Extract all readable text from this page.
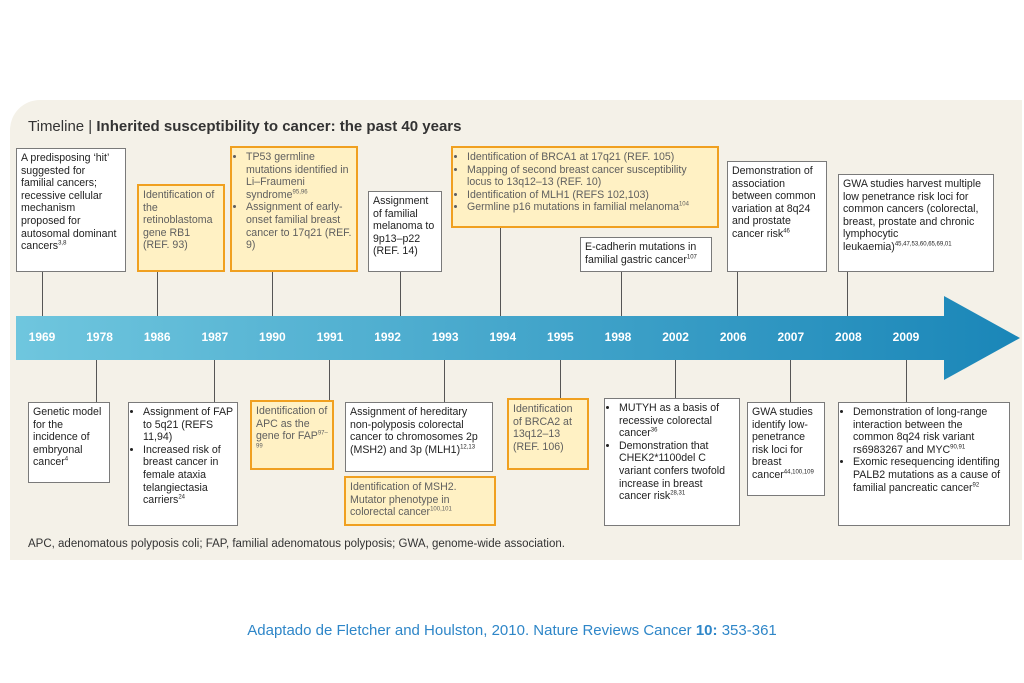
Timeline | Inherited susceptibility to cancer: the past 40 years
1969	1978	1986	1987	1990	1991	1992	1993	1994	1995	1998	2002	2006	2007	2008	2009

A predisposing ‘hit’ suggested for familial cancers; recessive cellular mechanism proposed for autosomal dominant cancers$^{3,8}$

Identification of the retinoblastoma gene RB1 (REF. 93)

• TP53 germline mutations identified in Li–Fraumeni syndrome$^{95,96}$
• Assignment of early-onset familial breast cancer to 17q21 (REF. 9)

Assignment of familial melanoma to 9p13–p22 (REF. 14)

• Identification of BRCA1 at 17q21 (REF. 105)
• Mapping of second breast cancer susceptibility locus to 13q12–13 (REF. 10)
• Identification of MLH1 (REFS 102,103)
• Germline p16 mutations in familial melanoma$^{104}$

E-cadherin mutations in familial gastric cancer$^{107}$

Demonstration of association between common variation at 8q24 and prostate cancer risk$^{46}$

GWA studies harvest multiple low penetrance risk loci for common cancers (colorectal, breast, prostate and chronic lymphocytic leukaemia)$^{45,47,53,60,65,69,01}$

Genetic model for the incidence of embryonal cancer$^4$

• Assignment of FAP to 5q21 (REFS 11,94)
• Increased risk of breast cancer in female ataxia telangiectasia carriers$^{24}$

Identification of APC as the gene for FAP$^{97-99}$

Assignment of hereditary non-polyposis colorectal cancer to chromosomes 2p (MSH2) and 3p $(MLH1)^{12,13}$

Identification of MSH2. Mutator phenotype in colorectal cancer$^{100,101}$

Identification of BRCA2 at 13q12–13 (REF. 106)

• MUTYH as a basis of recessive colorectal cancer$^{36}$
• Demonstration that CHEK2*1100del C variant confers twofold increase in breast cancer risk$^{28,31}$

GWA studies identify low-penetrance risk loci for breast cancer$^{44,100,109}$

• Demonstration of long-range interaction between the common 8q24 risk variant rs6983267 and MYC$^{90,91}$
• Exomic resequencing identifing PALB2 mutations as a cause of familial pancreatic cancer$^{92}$
APC, adenomatous polyposis coli; FAP, familial adenomatous polyposis; GWA, genome-wide association.
Adaptado de Fletcher and Houlston, 2010. Nature Reviews Cancer 10: 353-361
